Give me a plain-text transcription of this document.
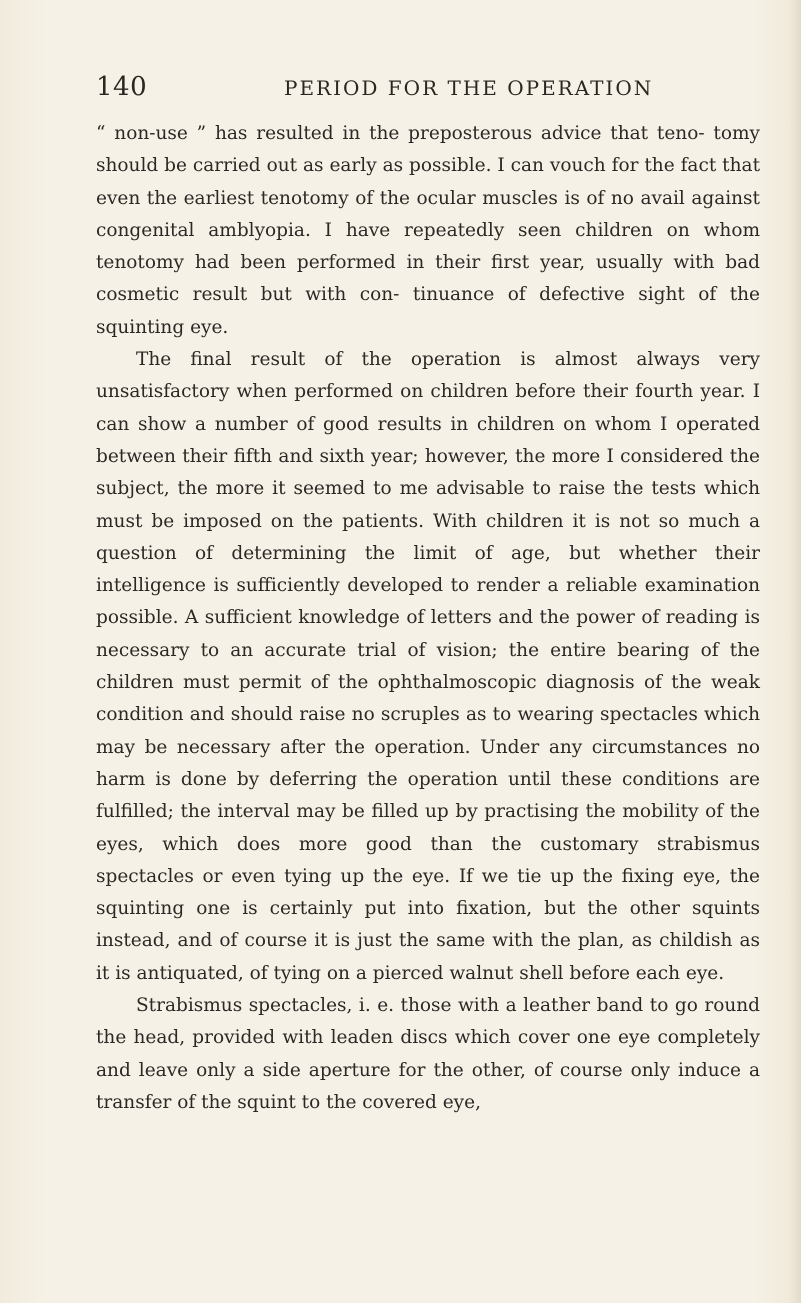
140	PERIOD FOR THE OPERATION

“ non-use ” has resulted in the preposterous advice that teno- tomy should be carried out as early as possible. I can vouch for the fact that even the earliest tenotomy of the ocular muscles is of no avail against congenital amblyopia. I have repeatedly seen children on whom tenotomy had been performed in their first year, usually with bad cosmetic result but with con- tinuance of defective sight of the squinting eye.

The final result of the operation is almost always very unsatisfactory when performed on children before their fourth year. I can show a number of good results in children on whom I operated between their fifth and sixth year; however, the more I considered the subject, the more it seemed to me advisable to raise the tests which must be imposed on the patients. With children it is not so much a question of determining the limit of age, but whether their intelligence is sufficiently developed to render a reliable examination possible. A sufficient knowledge of letters and the power of reading is necessary to an accurate trial of vision; the entire bearing of the children must permit of the ophthalmoscopic diagnosis of the weak condition and should raise no scruples as to wearing spectacles which may be necessary after the operation. Under any circumstances no harm is done by deferring the operation until these conditions are fulfilled; the interval may be filled up by practising the mobility of the eyes, which does more good than the customary strabismus spectacles or even tying up the eye. If we tie up the fixing eye, the squinting one is certainly put into fixation, but the other squints instead, and of course it is just the same with the plan, as childish as it is antiquated, of tying on a pierced walnut shell before each eye.

Strabismus spectacles, i. e. those with a leather band to go round the head, provided with leaden discs which cover one eye completely and leave only a side aperture for the other, of course only induce a transfer of the squint to the covered eye,
